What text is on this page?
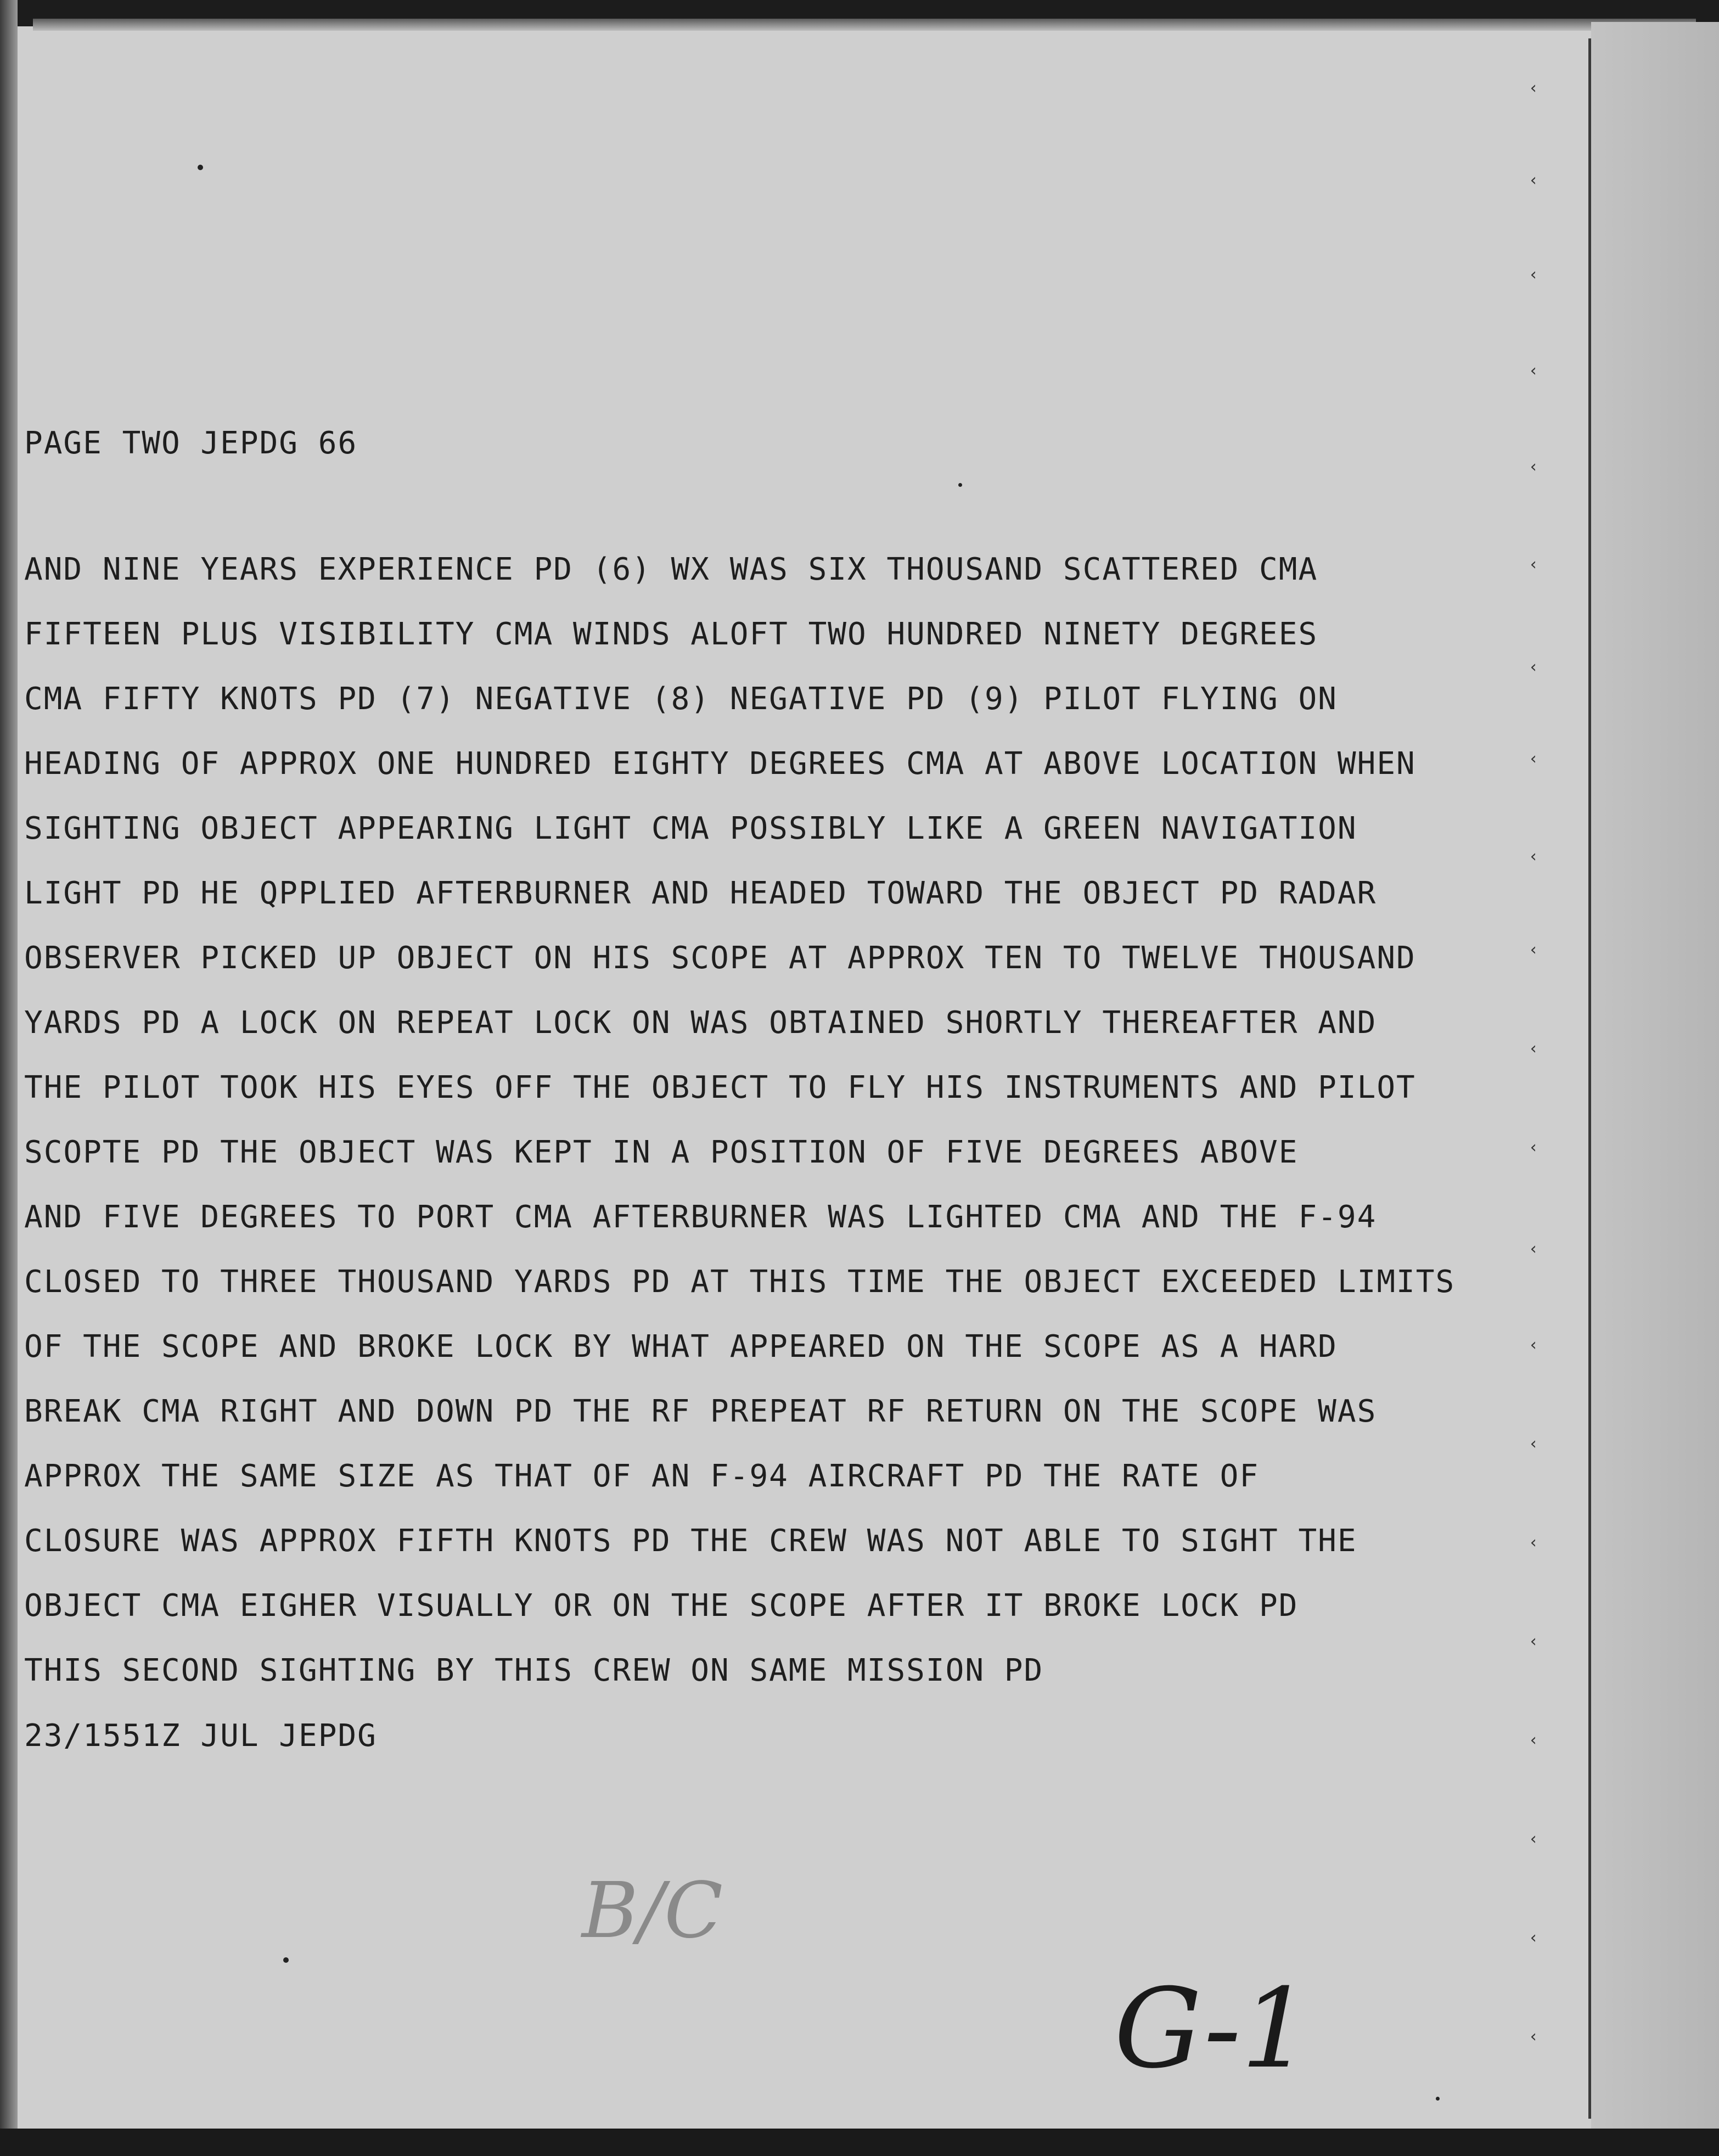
‹
‹
‹
‹
‹
‹
‹
‹
‹
‹
‹
‹
‹
‹
‹
‹
‹
‹
‹
‹
‹

PAGE TWO JEPDG 66

AND NINE YEARS EXPERIENCE PD (6) WX WAS SIX THOUSAND SCATTERED CMA

FIFTEEN PLUS VISIBILITY CMA WINDS ALOFT TWO HUNDRED NINETY DEGREES

CMA FIFTY KNOTS PD (7) NEGATIVE (8) NEGATIVE PD (9) PILOT FLYING ON

HEADING OF APPROX ONE HUNDRED EIGHTY DEGREES CMA AT ABOVE LOCATION WHEN

SIGHTING OBJECT APPEARING LIGHT CMA POSSIBLY LIKE A GREEN NAVIGATION

LIGHT PD HE QPPLIED AFTERBURNER AND HEADED TOWARD THE OBJECT PD RADAR

OBSERVER PICKED UP OBJECT ON HIS SCOPE AT APPROX TEN TO TWELVE THOUSAND

YARDS PD A LOCK ON REPEAT LOCK ON WAS OBTAINED SHORTLY THEREAFTER AND

THE PILOT TOOK HIS EYES OFF THE OBJECT TO FLY HIS INSTRUMENTS AND PILOT

SCOPTE PD THE OBJECT WAS KEPT IN A POSITION OF FIVE DEGREES ABOVE

AND FIVE DEGREES TO PORT CMA AFTERBURNER WAS LIGHTED CMA AND THE F-94

CLOSED TO THREE THOUSAND YARDS PD AT THIS TIME THE OBJECT EXCEEDED LIMITS

OF THE SCOPE AND BROKE LOCK BY WHAT APPEARED ON THE SCOPE AS A HARD

BREAK CMA RIGHT AND DOWN PD THE RF PREPEAT RF RETURN ON THE SCOPE WAS

APPROX THE SAME SIZE AS THAT OF AN F-94 AIRCRAFT PD THE RATE OF

CLOSURE WAS APPROX FIFTH KNOTS PD THE CREW WAS NOT ABLE TO SIGHT THE

OBJECT CMA EIGHER VISUALLY OR ON THE SCOPE AFTER IT BROKE LOCK PD

THIS SECOND SIGHTING BY THIS CREW ON SAME MISSION PD

23/1551Z JUL JEPDG

B/C
G-1
